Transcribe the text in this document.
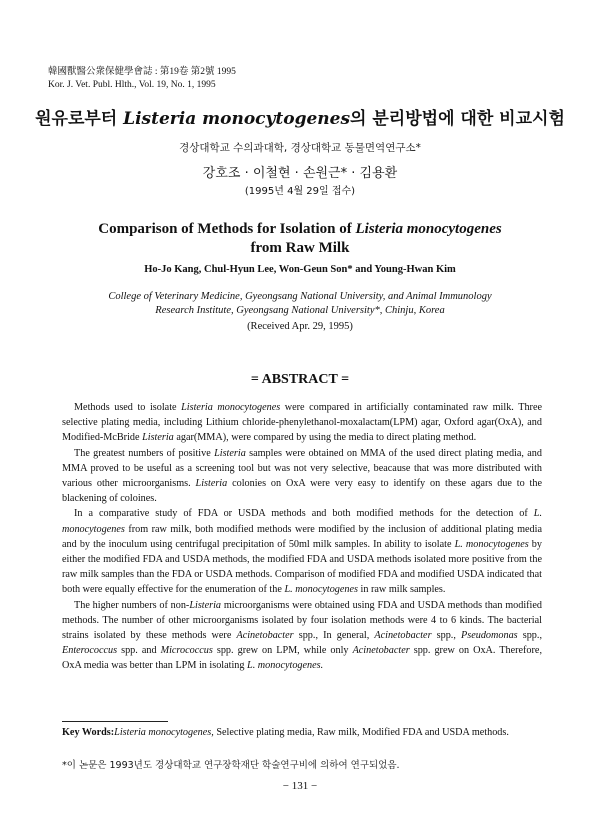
韓國獸醫公衆保健學會誌 : 第19卷 第2號 1995
Kor. J. Vet. Publ. Hlth., Vol. 19, No. 1, 1995
원유로부터 Listeria monocytogenes의 분리방법에 대한 비교시험
경상대학교 수의과대학, 경상대학교 동물면역연구소*
강호조 · 이철현 · 손원근* · 김용환
(1995년 4월 29일 접수)
Comparison of Methods for Isolation of Listeria monocytogenes
from Raw Milk
Ho-Jo Kang, Chul-Hyun Lee, Won-Geun Son* and Young-Hwan Kim
College of Veterinary Medicine, Gyeongsang National University, and Animal Immunology
Research Institute, Gyeongsang National University*, Chinju, Korea
(Received Apr. 29, 1995)
= ABSTRACT =

Methods used to isolate Listeria monocytogenes were compared in artificially contaminated raw milk. Three selective plating media, including Lithium chloride-phenylethanol-moxalactam(LPM) agar, Oxford agar(OxA), and Modified-McBride Listeria agar(MMA), were compared by using the media to direct plating method.

The greatest numbers of positive Listeria samples were obtained on MMA of the used direct plating media, and MMA proved to be useful as a screening tool but was not very selective, beacause that was more distributed with various other microorganisms. Listeria colonies on OxA were very easy to identify on these agars due to the blackening of coloines.

In a comparative study of FDA or USDA methods and both modified methods for the detection of L. monocytogenes from raw milk, both modified methods were modified by the inclusion of additional plating media and by the inoculum using centrifugal precipitation of 50ml milk samples. In ability to isolate L. monocytogenes by either the modified FDA and USDA methods, the modified FDA and USDA methods isolated more positive from the raw milk samples than the FDA or USDA methods. Comparison of modified FDA and modified USDA indicated that both were equally effective for the enumeration of the L. monocytogenes in raw milk samples.

The higher numbers of non-Listeria microorganisms were obtained using FDA and USDA methods than modified methods. The number of other microorganisms isolated by four isolation methods were 4 to 6 kinds. The bacterial strains isolated by these methods were Acinetobacter spp., In general, Acinetobacter spp., Pseudomonas spp., Enterococcus spp. and Micrococcus spp. grew on LPM, while only Acinetobacter spp. grew on OxA. Therefore, OxA media was better than LPM in isolating L. monocytogenes.

Key Words:Listeria monocytogenes, Selective plating media, Raw milk, Modified FDA and USDA methods.
*이 논문은 1993년도 경상대학교 연구장학재단 학술연구비에 의하여 연구되었음.
− 131 −
